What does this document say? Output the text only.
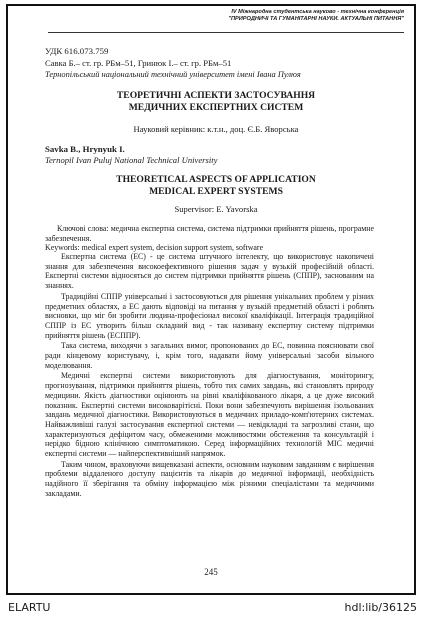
IV Міжнародна студентська науково - технічна конференція
"ПРИРОДНИЧІ ТА ГУМАНІТАРНІ НАУКИ. АКТУАЛЬНІ ПИТАННЯ"
УДК 616.073.759
Савка Б.– ст. гр. РБм–51, Гринюк І.– ст. гр. РБм–51
Тернопільський національний технічний університет імені Івана Пулюя
ТЕОРЕТИЧНІ АСПЕКТИ ЗАСТОСУВАННЯ
МЕДИЧНИХ ЕКСПЕРТНИХ СИСТЕМ
Науковий керівник: к.т.н., доц. Є.Б. Яворська
Savka B., Hrynyuk I.
Ternopil Ivan Puluj National Technical University
THEORETICAL ASPECTS OF APPLICATION
MEDICAL EXPERT SYSTEMS
Supervisor: E. Yavorska

Ключові слова: медична експертна система, система підтримки прийняття рішень, програмне забезпечення.

Keywords: medical expert system, decision support system, software

Експертна система (ЕС) - це система штучного інтелекту, що використовує накопичені знання для забезпечення високоефективного рішення задач у вузькій професійній області. Експертні системи відносяться до систем підтримки прийняття рішень (СППР), заснованим на знаннях.

Традиційні СППР універсальні і застосовуються для рішення унікальних проблем у різних предметних областях, а ЕС дають відповіді на питання у вузькій предметній області і роблять висновки, що міг би зробити людина-професіонал високої кваліфікації. Інтеграція традиційної СППР із ЕС утворить більш складний вид - так називану експертну систему підтримки прийняття рішень (ЕСППР).

Така система, виходячи з загальних вимог, пропонованих до ЕС, повинна пояснювати свої ради кінцевому користувачу, і, крім того, надавати йому універсальні засоби вільного моделювання.

Медичні експертні системи використовують для діагностування, моніторингу, прогнозування, підтримки прийняття рішень, тобто тих самих завдань, які становлять природу медицини. Якість діагностики оцінюють на рівні кваліфікованого лікаря, а це дуже високий показник. Експертні системи високоварітісні. Поки вони забезпечують вирішення ізольованих завдань медичної діагностики. Використовуються в медичних приладо-комп'ютерних системах. Найважливіші галузі застосування експертної системи — невідкладні та загрозливі стани, що характеризуються дефіцитом часу, обмеженими можливостями обстеження та консультацій і нерідко бідною клінічною симптоматикою. Серед інформаційних технологій МІС медичні експертні системи — найперспективніший напрямок.

Таким чином, враховуючи вищевказані аспекти, основним науковим завданням є вирішення проблеми віддаленого доступу пацієнтів та лікарів до медичної інформації, необхідність надійного її зберігання та обміну інформацією між різними спеціалістами та медичними закладами.

245
ELARTU	hdl:lib/36125
